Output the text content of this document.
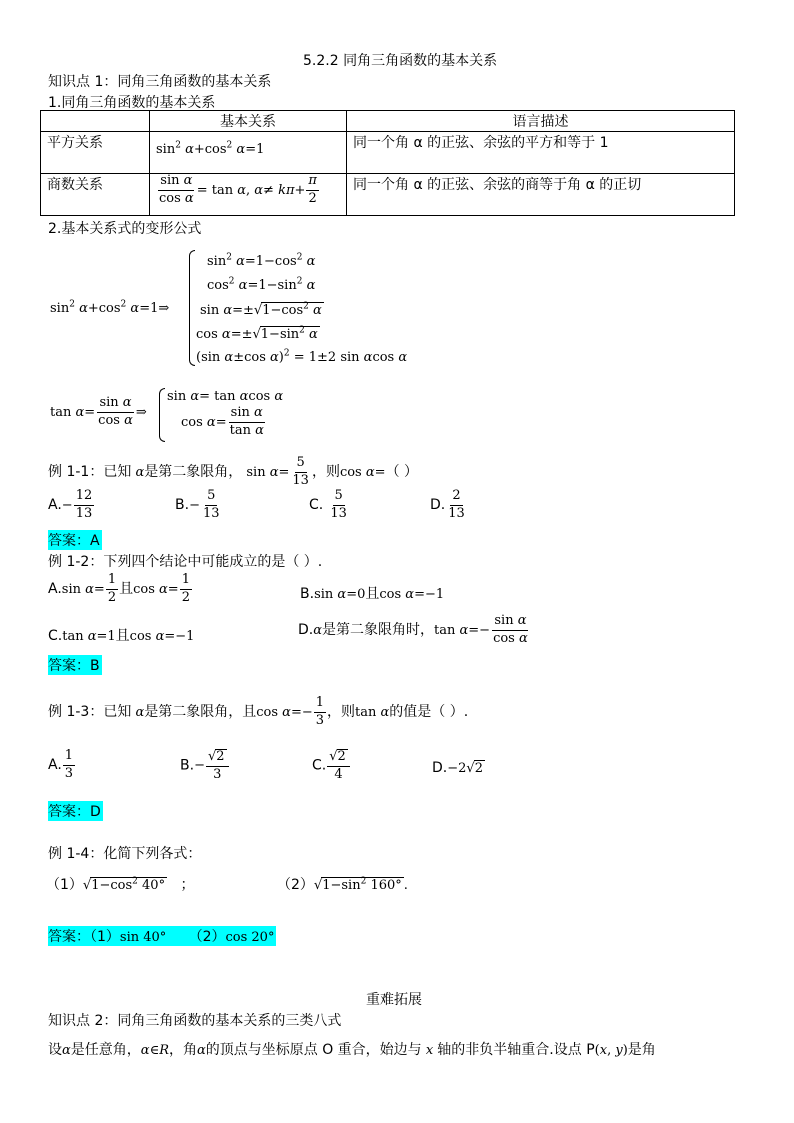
5.2.2 同角三角函数的基本关系
知识点 1：同角三角函数的基本关系
1.同角三角函数的基本关系
	基本关系	语言描述
平方关系	$\sin^2 \alpha+\cos^2$ α=1	同一个角 α 的正弦、余弦的平方和等于 1
商数关系	$\frac{\text{sin α}}{\text{cos α}} = \tan \alpha$, $\alpha\ne k\pi+ \frac{\pi}{2}$	同一个角 α 的正弦、余弦的商等于角 α 的正切
2.基本关系式的变形公式
$\sin^2 \alpha+\cos^2$ α=1⇒
$\sin^2 \alpha=1-\cos^2$ α
$\cos^2 \alpha=1-\sin^2$ α
$\sin \alpha=\pm√1-\cos^2$ α
$\cos \alpha=\pm√1-\sin^2$ α
(sin α±cos α)$^2$ = 1±2 sin αcos α
$\tan \alpha= \frac{\text{sin α}}{\text{cos α}}$ ⇒
sin α= tan αcos α
$\cos \alpha= \frac{\text{sin α}}{\text{tan α}}$
例 1-1：已知 α是第二象限角， $\sin \alpha= \frac{5}{13}$ ，则cos α=（ ）
$A.- \frac{12}{13}$	$B.- \frac{5}{13}$	C. $\frac{5}{13}$	D. $\frac{2}{13}$
答案：A
例 1-2：下列四个结论中可能成立的是（ ）.
A.sin $\alpha= \frac{1}{2}$ 且$\cos \alpha= \frac{1}{2}$	B.sin α=0且cos α=−1
C.tan α=1且cos α=−1	D.α是第二象限角时，$\tan \alpha=- \frac{\text{sin α}}{\text{cos α}}$
答案：B
例 1-3：已知 α是第二象限角，且$\cos \alpha=- \frac{1}{3}$ ，则tan α的值是（ ）.
A. $\frac{1}{3}$	$B.- \frac{√2}{3}$	C. $\frac{√2}{4}$	D.−2√2
答案：D
例 1-4：化简下列各式：
$(1)√1-\cos^2$ 40° ；	$(2)√1-\sin^2$ 160° .
答案：（1）sin 40° （2）cos 20°
重难拓展
知识点 2：同角三角函数的基本关系的三类八式
设α是任意角，α∈R，角α的顶点与坐标原点 O 重合，始边与 x 轴的非负半轴重合.设点 P(x, y)是角
